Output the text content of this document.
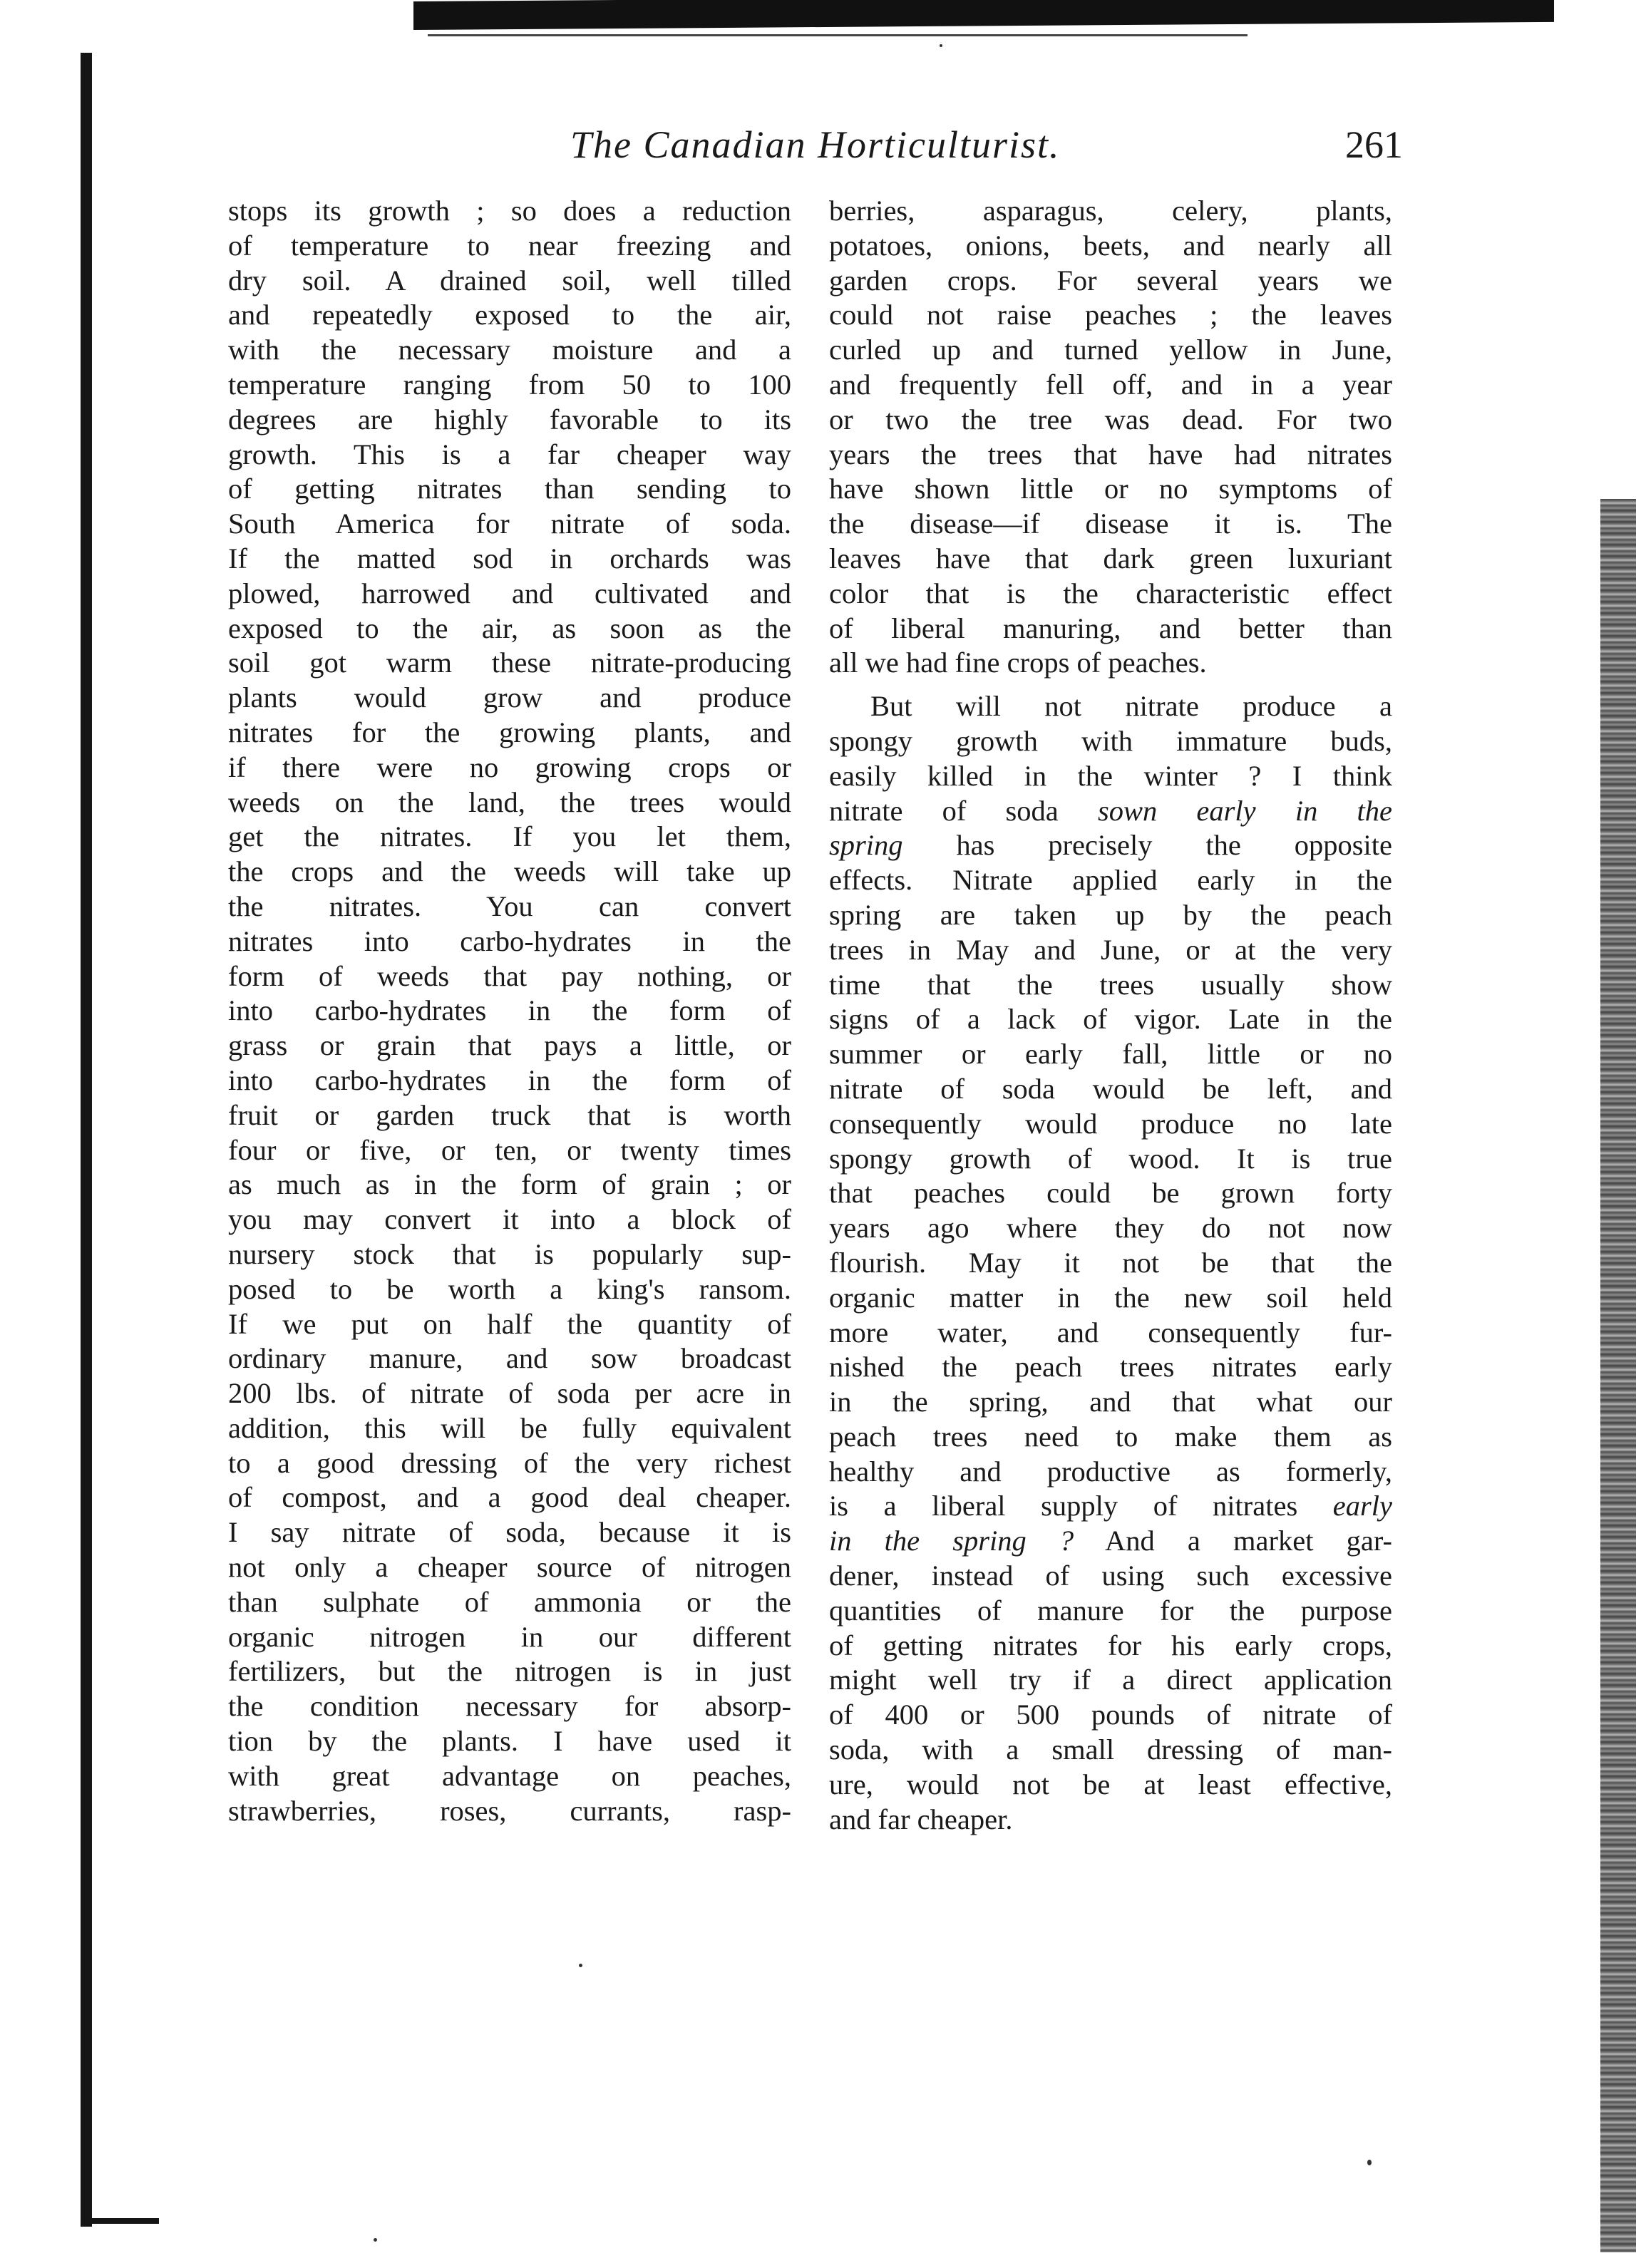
The Canadian Horticulturist.	261
stops its growth ; so does a reduction
of temperature to near freezing and
dry soil. A drained soil, well tilled
and repeatedly exposed to the air,
with the necessary moisture and a
temperature ranging from 50 to 100
degrees are highly favorable to its
growth. This is a far cheaper way
of getting nitrates than sending to
South America for nitrate of soda.
If the matted sod in orchards was
plowed, harrowed and cultivated and
exposed to the air, as soon as the
soil got warm these nitrate-producing
plants would grow and produce
nitrates for the growing plants, and
if there were no growing crops or
weeds on the land, the trees would
get the nitrates. If you let them,
the crops and the weeds will take up
the nitrates. You can convert
nitrates into carbo-hydrates in the
form of weeds that pay nothing, or
into carbo-hydrates in the form of
grass or grain that pays a little, or
into carbo-hydrates in the form of
fruit or garden truck that is worth
four or five, or ten, or twenty times
as much as in the form of grain ; or
you may convert it into a block of
nursery stock that is popularly sup-
posed to be worth a king's ransom.
If we put on half the quantity of
ordinary manure, and sow broadcast
200 lbs. of nitrate of soda per acre in
addition, this will be fully equivalent
to a good dressing of the very richest
of compost, and a good deal cheaper.
I say nitrate of soda, because it is
not only a cheaper source of nitrogen
than sulphate of ammonia or the
organic nitrogen in our different
fertilizers, but the nitrogen is in just
the condition necessary for absorp-
tion by the plants. I have used it
with great advantage on peaches,
strawberries, roses, currants, rasp-
berries, asparagus, celery, plants,
potatoes, onions, beets, and nearly all
garden crops. For several years we
could not raise peaches ; the leaves
curled up and turned yellow in June,
and frequently fell off, and in a year
or two the tree was dead. For two
years the trees that have had nitrates
have shown little or no symptoms of
the disease—if disease it is. The
leaves have that dark green luxuriant
color that is the characteristic effect
of liberal manuring, and better than
all we had fine crops of peaches.
But will not nitrate produce a
spongy growth with immature buds,
easily killed in the winter ? I think
nitrate of soda sown early in the
spring has precisely the opposite
effects. Nitrate applied early in the
spring are taken up by the peach
trees in May and June, or at the very
time that the trees usually show
signs of a lack of vigor. Late in the
summer or early fall, little or no
nitrate of soda would be left, and
consequently would produce no late
spongy growth of wood. It is true
that peaches could be grown forty
years ago where they do not now
flourish. May it not be that the
organic matter in the new soil held
more water, and consequently fur-
nished the peach trees nitrates early
in the spring, and that what our
peach trees need to make them as
healthy and productive as formerly,
is a liberal supply of nitrates early
in the spring ? And a market gar-
dener, instead of using such excessive
quantities of manure for the purpose
of getting nitrates for his early crops,
might well try if a direct application
of 400 or 500 pounds of nitrate of
soda, with a small dressing of man-
ure, would not be at least effective,
and far cheaper.
